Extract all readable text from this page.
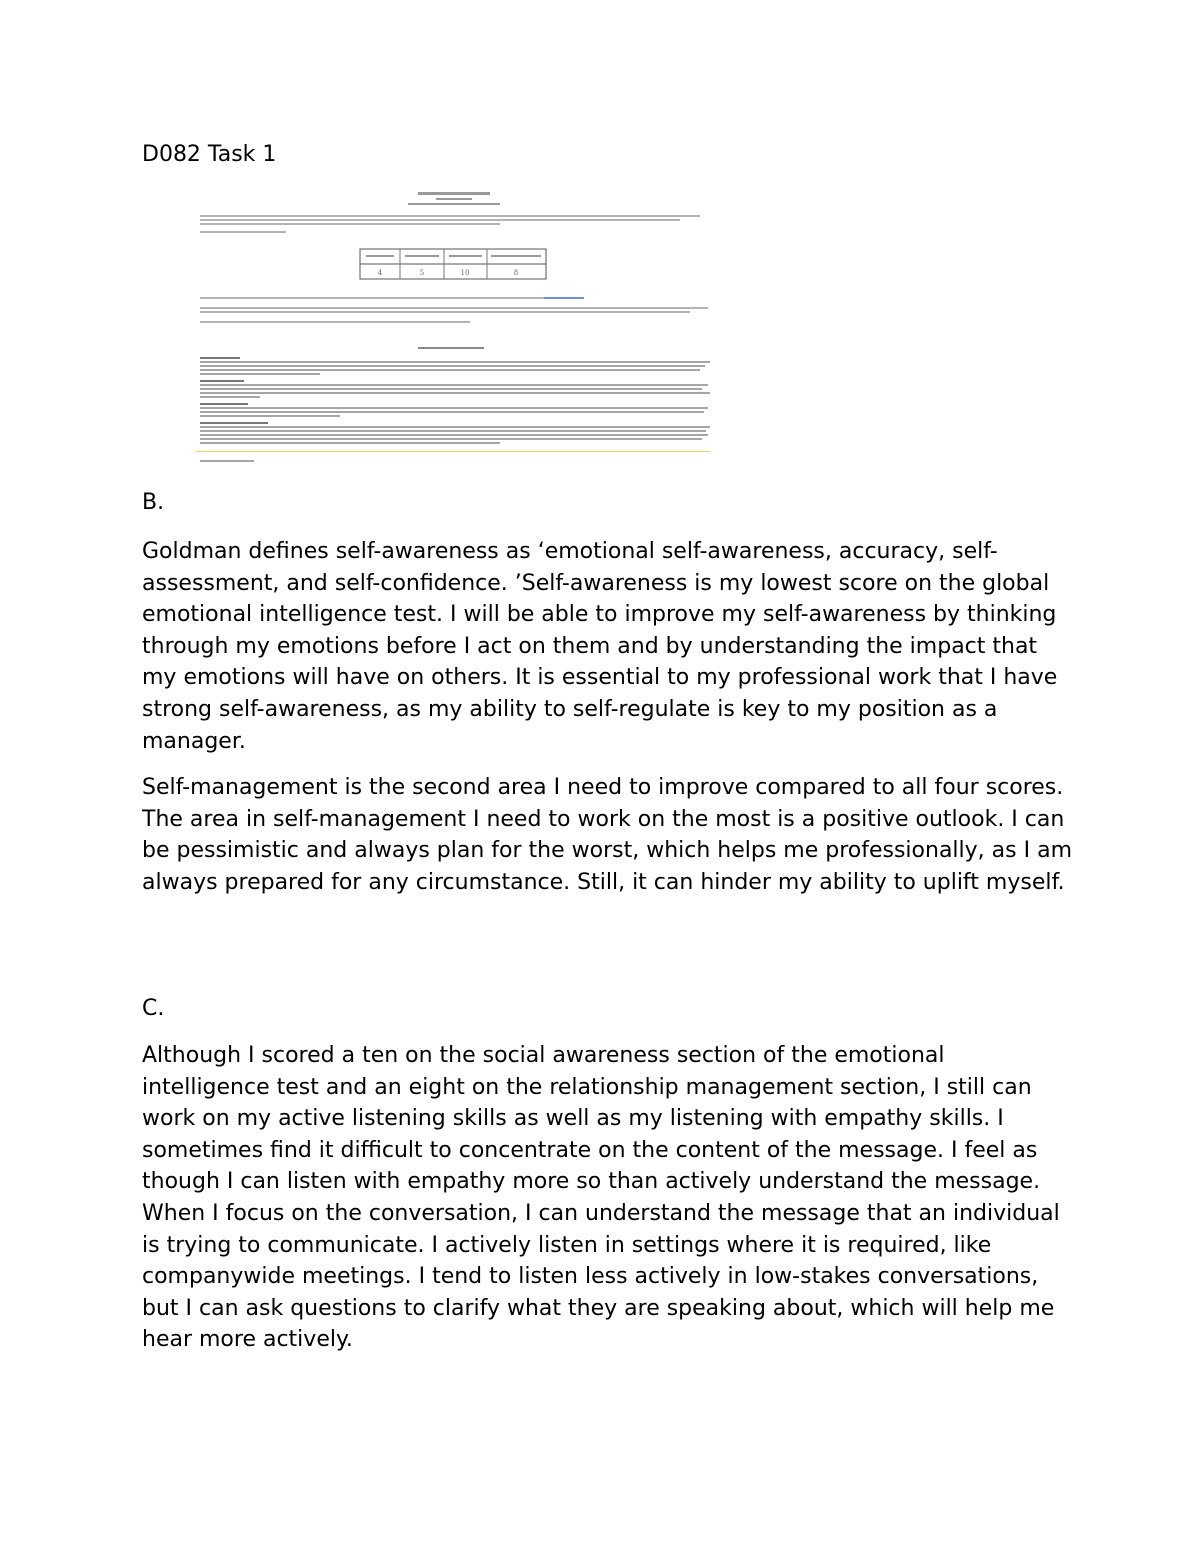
D082 Task 1
4	5	10	8
B.

Goldman defines self-awareness as ‘emotional self-awareness, accuracy, self-assessment, and self-confidence. ’Self-awareness is my lowest score on the global emotional intelligence test. I will be able to improve my self-awareness by thinking through my emotions before I act on them and by understanding the impact that my emotions will have on others. It is essential to my professional work that I have strong self-awareness, as my ability to self-regulate is key to my position as a manager.

Self-management is the second area I need to improve compared to all four scores. The area in self-management I need to work on the most is a positive outlook. I can be pessimistic and always plan for the worst, which helps me professionally, as I am always prepared for any circumstance. Still, it can hinder my ability to uplift myself.

C.

Although I scored a ten on the social awareness section of the emotional intelligence test and an eight on the relationship management section, I still can work on my active listening skills as well as my listening with empathy skills. I sometimes find it difficult to concentrate on the content of the message. I feel as though I can listen with empathy more so than actively understand the message. When I focus on the conversation, I can understand the message that an individual is trying to communicate. I actively listen in settings where it is required, like companywide meetings. I tend to listen less actively in low-stakes conversations, but I can ask questions to clarify what they are speaking about, which will help me hear more actively.
